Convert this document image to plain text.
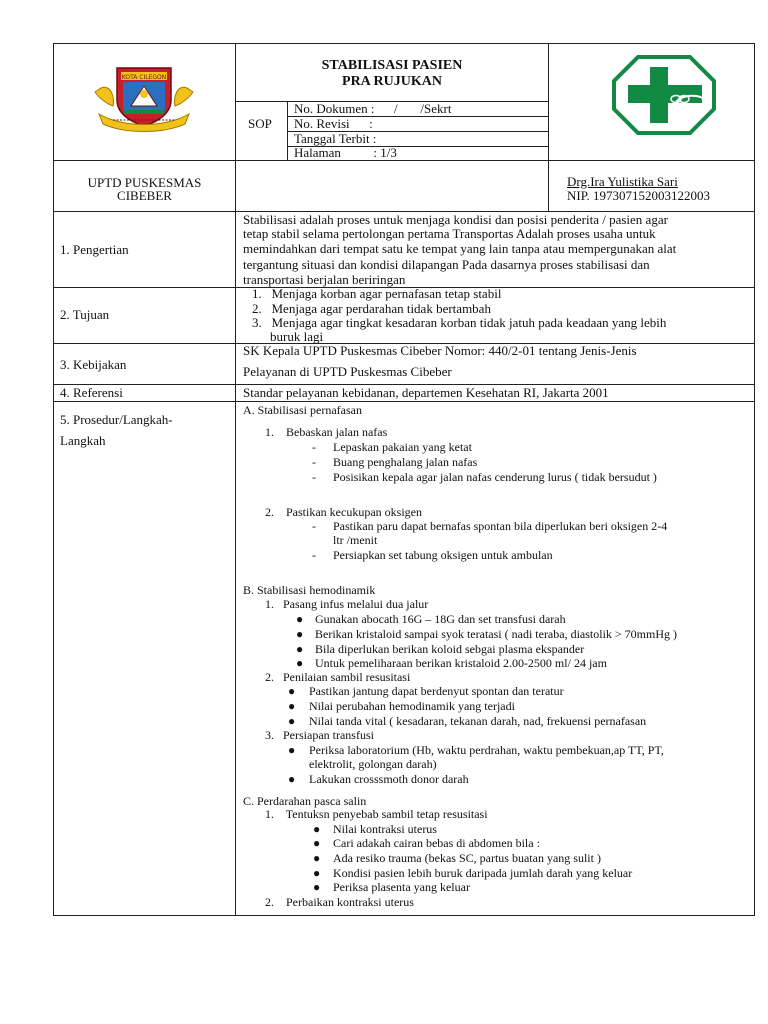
KOTA CILEGON
STABILISASI PASIEN
PRA RUJUKAN
SOP
No. Dokumen :      /       /Sekrt
No. Revisi      :
Tanggal Terbit :
Halaman          : 1/3
UPTD PUSKESMAS
CIBEBER
Drg.Ira Yulistika Sari
NIP. 197307152003122003
1. Pengertian
Stabilisasi adalah proses untuk menjaga kondisi dan posisi penderita / pasien agar
tetap stabil selama pertolongan pertama Transportas Adalah proses usaha untuk
memindahkan dari tempat satu ke tempat yang lain tanpa atau mempergunakan alat
tergantung situasi dan kondisi dilapangan Pada dasarnya proses stabilisasi dan
transportasi berjalan beriringan
2. Tujuan
1.   Menjaga korban agar pernafasan tetap stabil
2.   Menjaga agar perdarahan tidak bertambah
3.   Menjaga agar tingkat kesadaran korban tidak jatuh pada keadaan yang lebih
buruk lagi
3. Kebijakan
SK Kepala UPTD Puskesmas Cibeber Nomor: 440/2-01 tentang Jenis-Jenis
Pelayanan di UPTD Puskesmas Cibeber
4. Referensi	Standar pelayanan kebidanan, departemen Kesehatan RI, Jakarta 2001
5. Prosedur/Langkah-
Langkah
A. Stabilisasi pernafasan
1.    Bebaskan jalan nafas
- Lepaskan pakaian yang ketat
- Buang penghalang jalan nafas
- Posisikan kepala agar jalan nafas cenderung lurus ( tidak bersudut )
2.    Pastikan kecukupan oksigen
- Pastikan paru dapat bernafas spontan bila diperlukan beri oksigen 2-4
ltr /menit
- Persiapkan set tabung oksigen untuk ambulan
B. Stabilisasi hemodinamik
1.   Pasang infus melalui dua jalur
● Gunakan abocath 16G – 18G dan set transfusi darah
● Berikan kristaloid sampai syok teratasi ( nadi teraba, diastolik > 70mmHg )
● Bila diperlukan berikan koloid sebgai plasma ekspander
● Untuk pemeliharaan berikan kristaloid 2.00-2500 ml/ 24 jam
2.   Penilaian sambil resusitasi
● Pastikan jantung dapat berdenyut spontan dan teratur
● Nilai perubahan hemodinamik yang terjadi
● Nilai tanda vital ( kesadaran, tekanan darah, nad, frekuensi pernafasan
3.   Persiapan transfusi
● Periksa laboratorium (Hb, waktu perdrahan, waktu pembekuan,ap TT, PT,
elektrolit, golongan darah)
● Lakukan crosssmoth donor darah
C. Perdarahan pasca salin
1.    Tentuksn penyebab sambil tetap resusitasi
● Nilai kontraksi uterus
● Cari adakah cairan bebas di abdomen bila :
● Ada resiko trauma (bekas SC, partus buatan yang sulit )
● Kondisi pasien lebih buruk daripada jumlah darah yang keluar
● Periksa plasenta yang keluar
2.    Perbaikan kontraksi uterus
